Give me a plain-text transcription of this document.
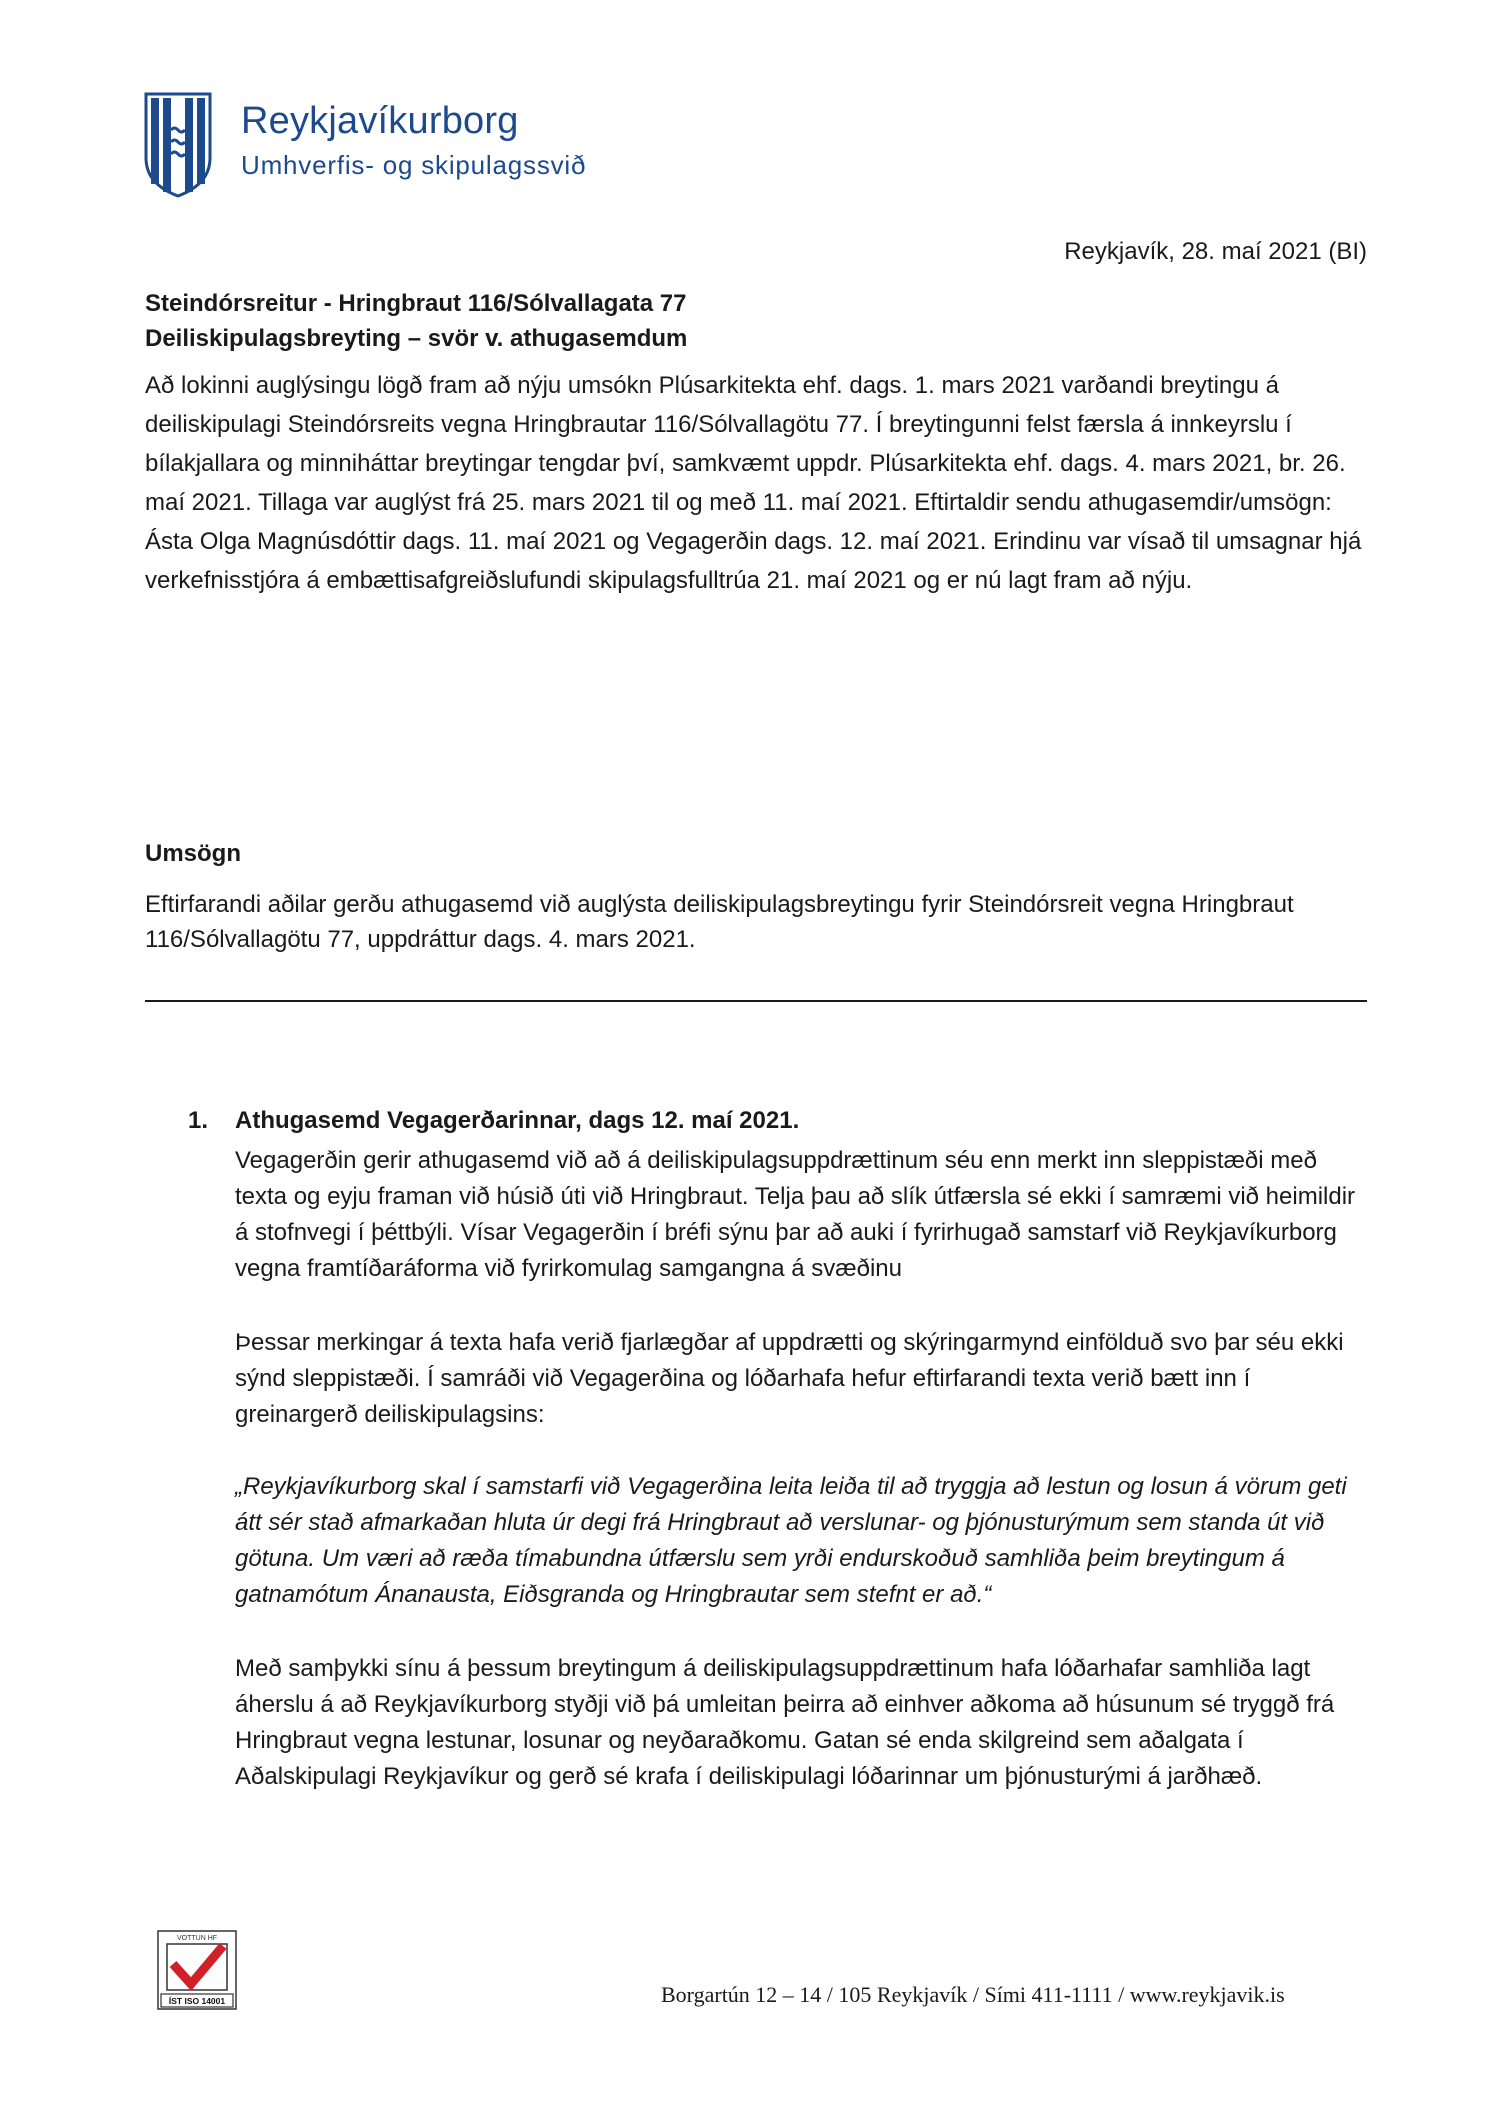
Reykjavíkurborg
Umhverfis- og skipulagssvið
Reykjavík, 28. maí 2021 (BI)

Steindórsreitur - Hringbraut 116/Sólvallagata 77

Deiliskipulagsbreyting – svör v. athugasemdum

Að lokinni auglýsingu lögð fram að nýju umsókn Plúsarkitekta ehf. dags. 1. mars 2021 varðandi breytingu á deiliskipulagi Steindórsreits vegna Hringbrautar 116/Sólvallagötu 77. Í breytingunni felst færsla á innkeyrslu í bílakjallara og minniháttar breytingar tengdar því, samkvæmt uppdr. Plúsarkitekta ehf. dags. 4. mars 2021, br. 26. maí 2021. Tillaga var auglýst frá 25. mars 2021 til og með 11. maí 2021. Eftirtaldir sendu athugasemdir/umsögn: Ásta Olga Magnúsdóttir dags. 11. maí 2021 og Vegagerðin dags. 12. maí 2021. Erindinu var vísað til umsagnar hjá verkefnisstjóra á embættisafgreiðslufundi skipulagsfulltrúa 21. maí 2021 og er nú lagt fram að nýju.

Umsögn

Eftirfarandi aðilar gerðu athugasemd við auglýsta deiliskipulagsbreytingu fyrir Steindórsreit vegna Hringbraut 116/Sólvallagötu 77, uppdráttur dags. 4. mars 2021.

1. Athugasemd Vegagerðarinnar, dags 12. maí 2021.

Vegagerðin gerir athugasemd við að á deiliskipulagsuppdrættinum séu enn merkt inn sleppistæði með texta og eyju framan við húsið úti við Hringbraut. Telja þau að slík útfærsla sé ekki í samræmi við heimildir á stofnvegi í þéttbýli. Vísar Vegagerðin í bréfi sýnu þar að auki í fyrirhugað samstarf við Reykjavíkurborg vegna framtíðaráforma við fyrirkomulag samgangna á svæðinu

Þessar merkingar á texta hafa verið fjarlægðar af uppdrætti og skýringarmynd einfölduð svo þar séu ekki sýnd sleppistæði. Í samráði við Vegagerðina og lóðarhafa hefur eftirfarandi texta verið bætt inn í greinargerð deiliskipulagsins:

„Reykjavíkurborg skal í samstarfi við Vegagerðina leita leiða til að tryggja að lestun og losun á vörum geti átt sér stað afmarkaðan hluta úr degi frá Hringbraut að verslunar- og þjónusturýmum sem standa út við götuna. Um væri að ræða tímabundna útfærslu sem yrði endurskoðuð samhliða þeim breytingum á gatnamótum Ánanausta, Eiðsgranda og Hringbrautar sem stefnt er að.“

Með samþykki sínu á þessum breytingum á deiliskipulagsuppdrættinum hafa lóðarhafar samhliða lagt áherslu á að Reykjavíkurborg styðji við þá umleitan þeirra að einhver aðkoma að húsunum sé tryggð frá Hringbraut vegna lestunar, losunar og neyðaraðkomu. Gatan sé enda skilgreind sem aðalgata í Aðalskipulagi Reykjavíkur og gerð sé krafa í deiliskipulagi lóðarinnar um þjónusturými á jarðhæð.

VOTTUN HF
ÍST ISO 14001	Borgartún 12 – 14 / 105 Reykjavík / Sími 411-1111 / www.reykjavik.is
